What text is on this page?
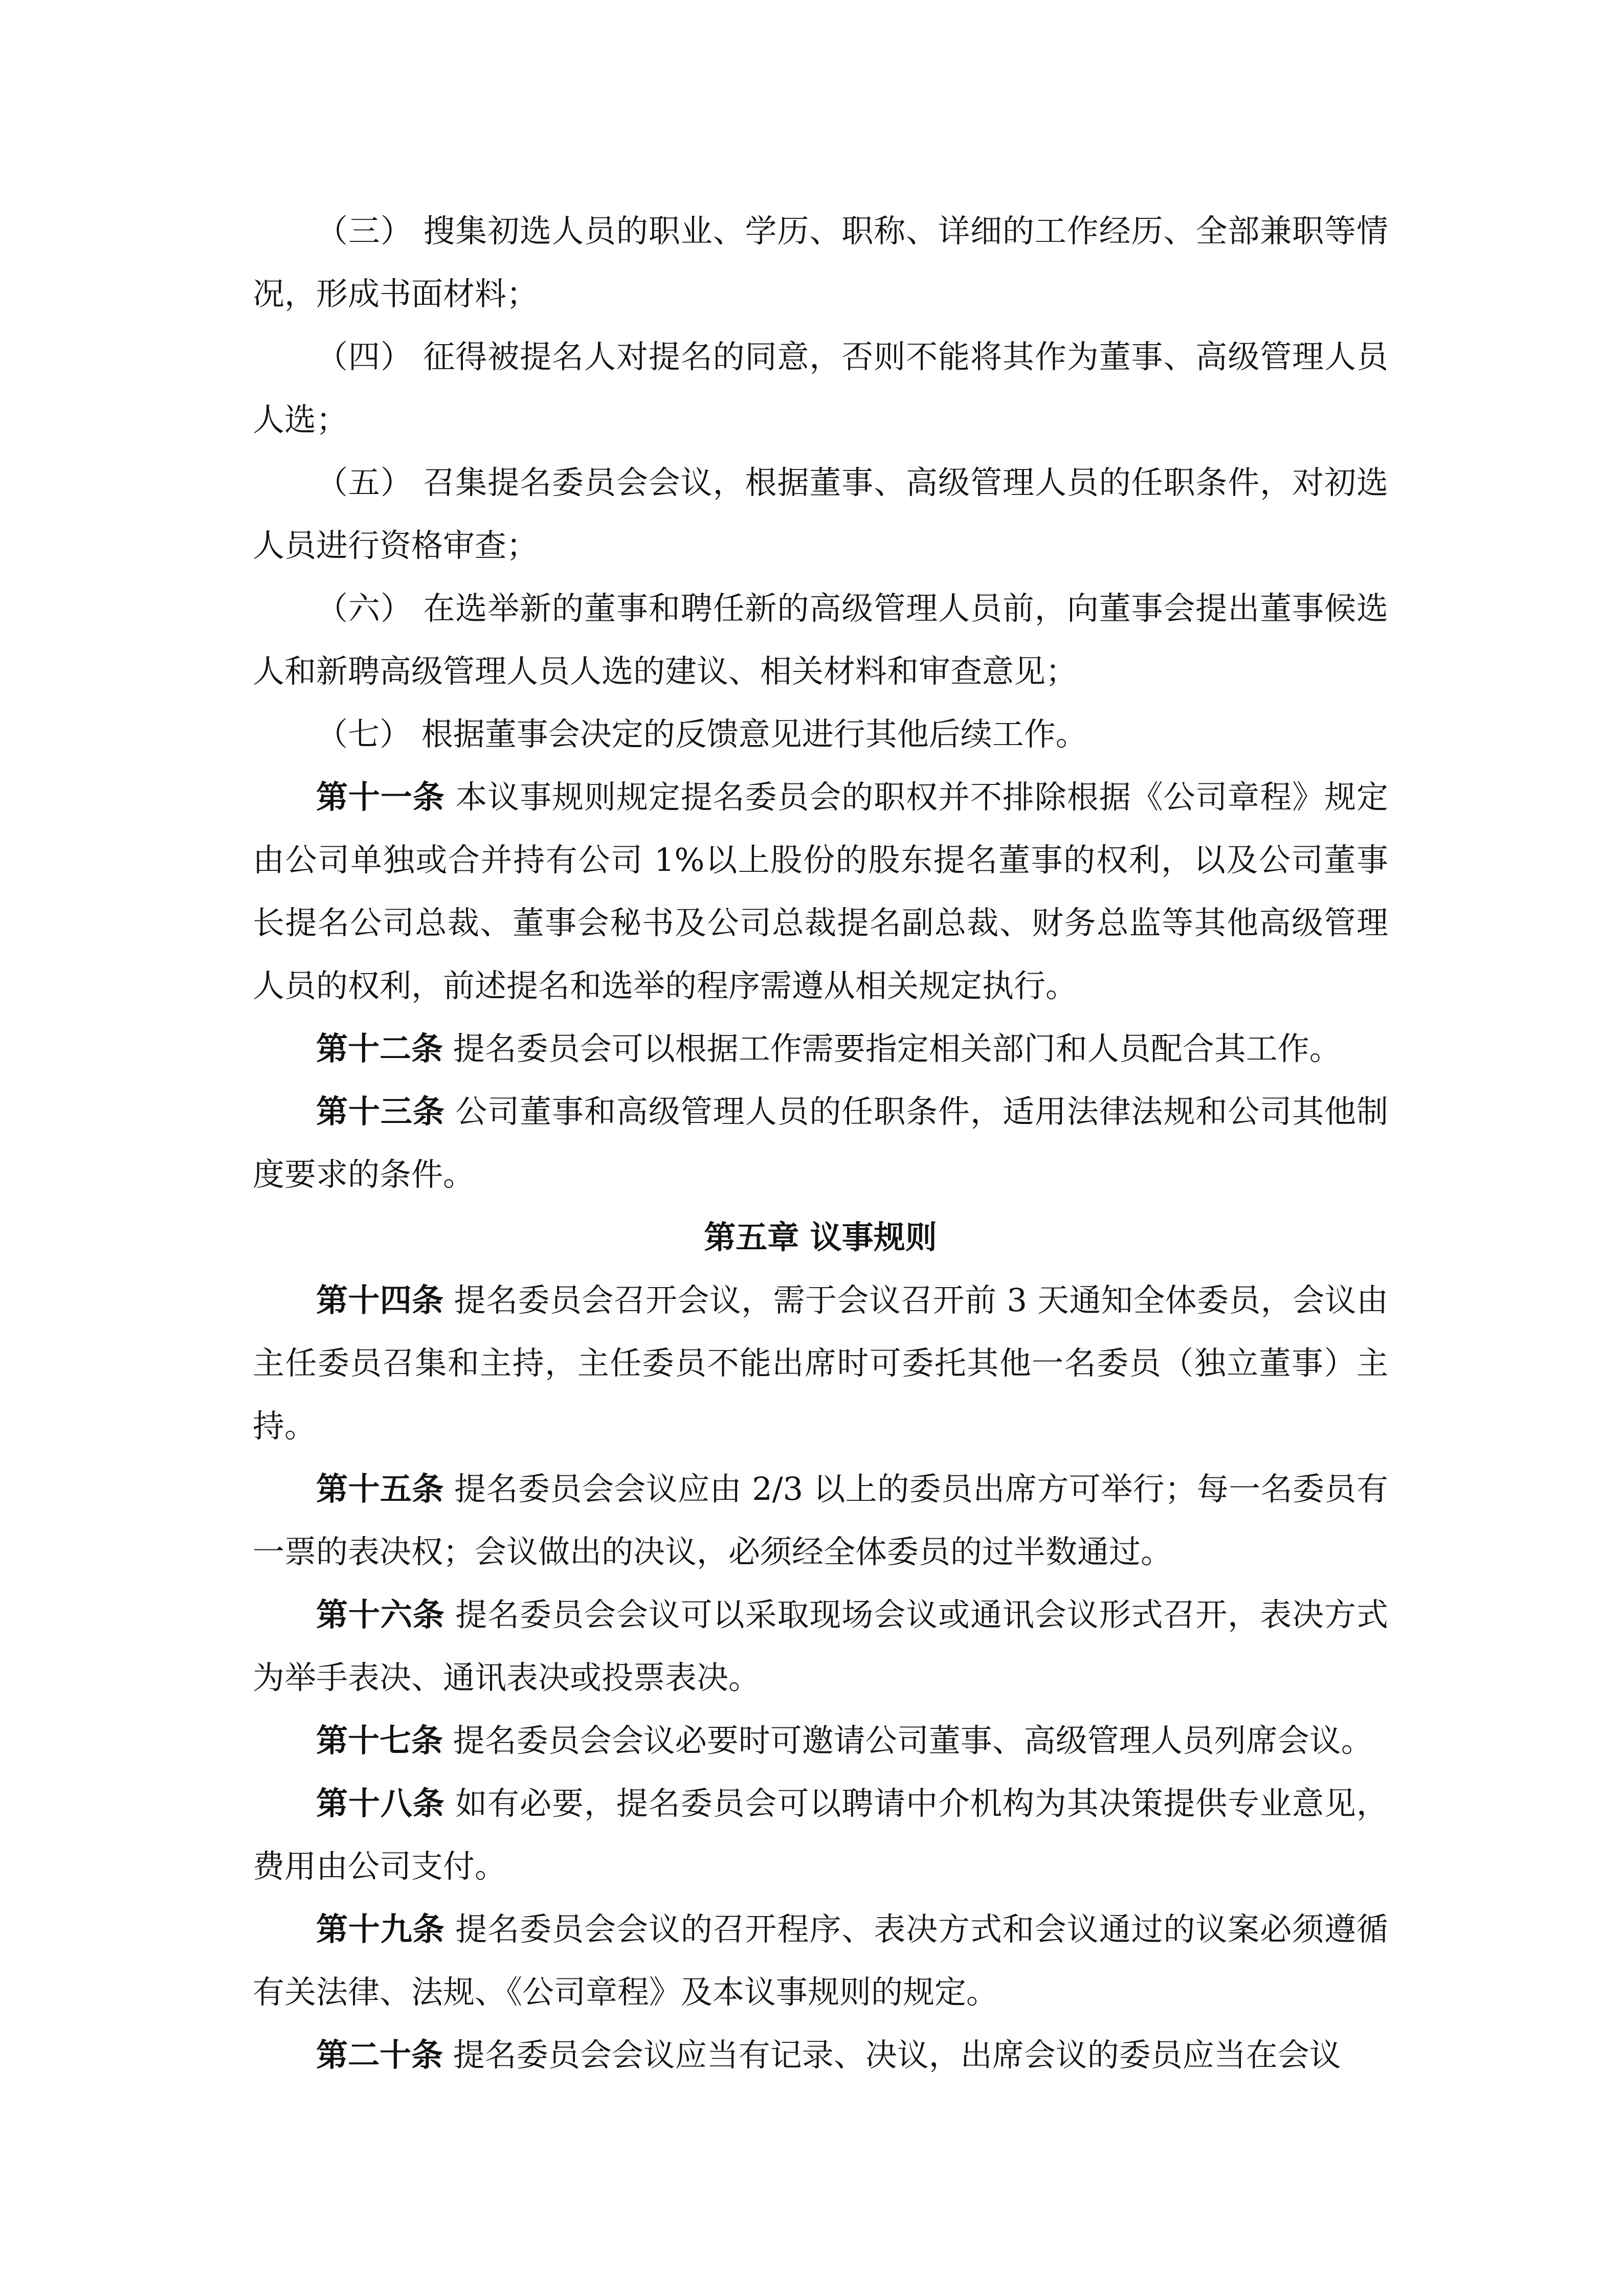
（三） 搜集初选人员的职业、学历、职称、详细的工作经历、全部兼职等情况，形成书面材料；

（四） 征得被提名人对提名的同意，否则不能将其作为董事、高级管理人员人选；

（五） 召集提名委员会会议，根据董事、高级管理人员的任职条件，对初选人员进行资格审查；

（六） 在选举新的董事和聘任新的高级管理人员前，向董事会提出董事候选人和新聘高级管理人员人选的建议、相关材料和审查意见；

（七） 根据董事会决定的反馈意见进行其他后续工作。

第十一条 本议事规则规定提名委员会的职权并不排除根据《公司章程》规定由公司单独或合并持有公司 1%以上股份的股东提名董事的权利，以及公司董事长提名公司总裁、董事会秘书及公司总裁提名副总裁、财务总监等其他高级管理人员的权利，前述提名和选举的程序需遵从相关规定执行。

第十二条 提名委员会可以根据工作需要指定相关部门和人员配合其工作。

第十三条 公司董事和高级管理人员的任职条件，适用法律法规和公司其他制度要求的条件。

第五章 议事规则

第十四条 提名委员会召开会议，需于会议召开前 3 天通知全体委员，会议由主任委员召集和主持，主任委员不能出席时可委托其他一名委员（独立董事）主持。

第十五条 提名委员会会议应由 2/3 以上的委员出席方可举行；每一名委员有一票的表决权；会议做出的决议，必须经全体委员的过半数通过。

第十六条 提名委员会会议可以采取现场会议或通讯会议形式召开，表决方式为举手表决、通讯表决或投票表决。

第十七条 提名委员会会议必要时可邀请公司董事、高级管理人员列席会议。

第十八条 如有必要，提名委员会可以聘请中介机构为其决策提供专业意见，费用由公司支付。

第十九条 提名委员会会议的召开程序、表决方式和会议通过的议案必须遵循有关法律、法规、《公司章程》及本议事规则的规定。

第二十条 提名委员会会议应当有记录、决议，出席会议的委员应当在会议
